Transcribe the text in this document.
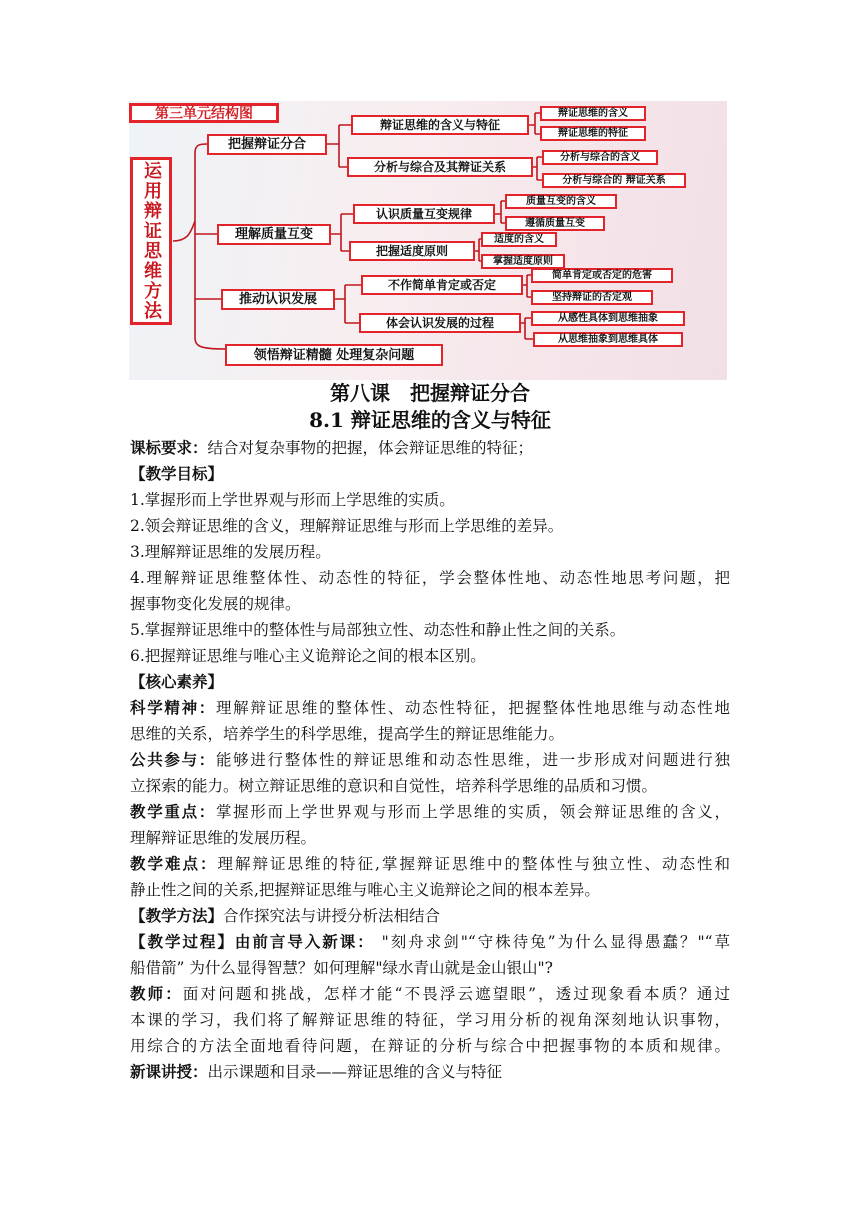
第三单元结构图
运用辩证思维方法
把握辩证分合
理解质量互变
推动认识发展
领悟辩证精髓 处理复杂问题
辩证思维的含义与特征
分析与综合及其辩证关系
认识质量互变规律
把握适度原则
不作简单肯定或否定
体会认识发展的过程
辩证思维的含义
辩证思维的特征
分析与综合的含义
分析与综合的 辩证关系
质量互变的含义
遵循质量互变
适度的含义
掌握适度原则
简单肯定或否定的危害
坚持辩证的否定观
从感性具体到思维抽象
从思维抽象到思维具体
第八课　把握辩证分合
8.1 辩证思维的含义与特征
课标要求：结合对复杂事物的把握，体会辩证思维的特征；
【教学目标】
1.掌握形而上学世界观与形而上学思维的实质。
2.领会辩证思维的含义，理解辩证思维与形而上学思维的差异。
3.理解辩证思维的发展历程。
4.理解辩证思维整体性、动态性的特征，学会整体性地、动态性地思考问题，把
握事物变化发展的规律。
5.掌握辩证思维中的整体性与局部独立性、动态性和静止性之间的关系。
6.把握辩证思维与唯心主义诡辩论之间的根本区别。
【核心素养】
科学精神：理解辩证思维的整体性、动态性特征，把握整体性地思维与动态性地
思维的关系，培养学生的科学思维，提高学生的辩证思维能力。
公共参与：能够进行整体性的辩证思维和动态性思维，进一步形成对问题进行独
立探索的能力。树立辩证思维的意识和自觉性，培养科学思维的品质和习惯。
教学重点：掌握形而上学世界观与形而上学思维的实质，领会辩证思维的含义，
理解辩证思维的发展历程。
教学难点：理解辩证思维的特征,掌握辩证思维中的整体性与独立性、动态性和
静止性之间的关系,把握辩证思维与唯心主义诡辩论之间的根本差异。
【教学方法】合作探究法与讲授分析法相结合
【教学过程】由前言导入新课： "刻舟求剑"“守株待兔”为什么显得愚蠢？"“草
船借箭” 为什么显得智慧？如何理解"绿水青山就是金山银山"?
教师：面对问题和挑战，怎样才能“不畏浮云遮望眼”，透过现象看本质？通过
本课的学习，我们将了解辩证思维的特征，学习用分析的视角深刻地认识事物，
用综合的方法全面地看待问题，在辩证的分析与综合中把握事物的本质和规律。
新课讲授：出示课题和目录——辩证思维的含义与特征
